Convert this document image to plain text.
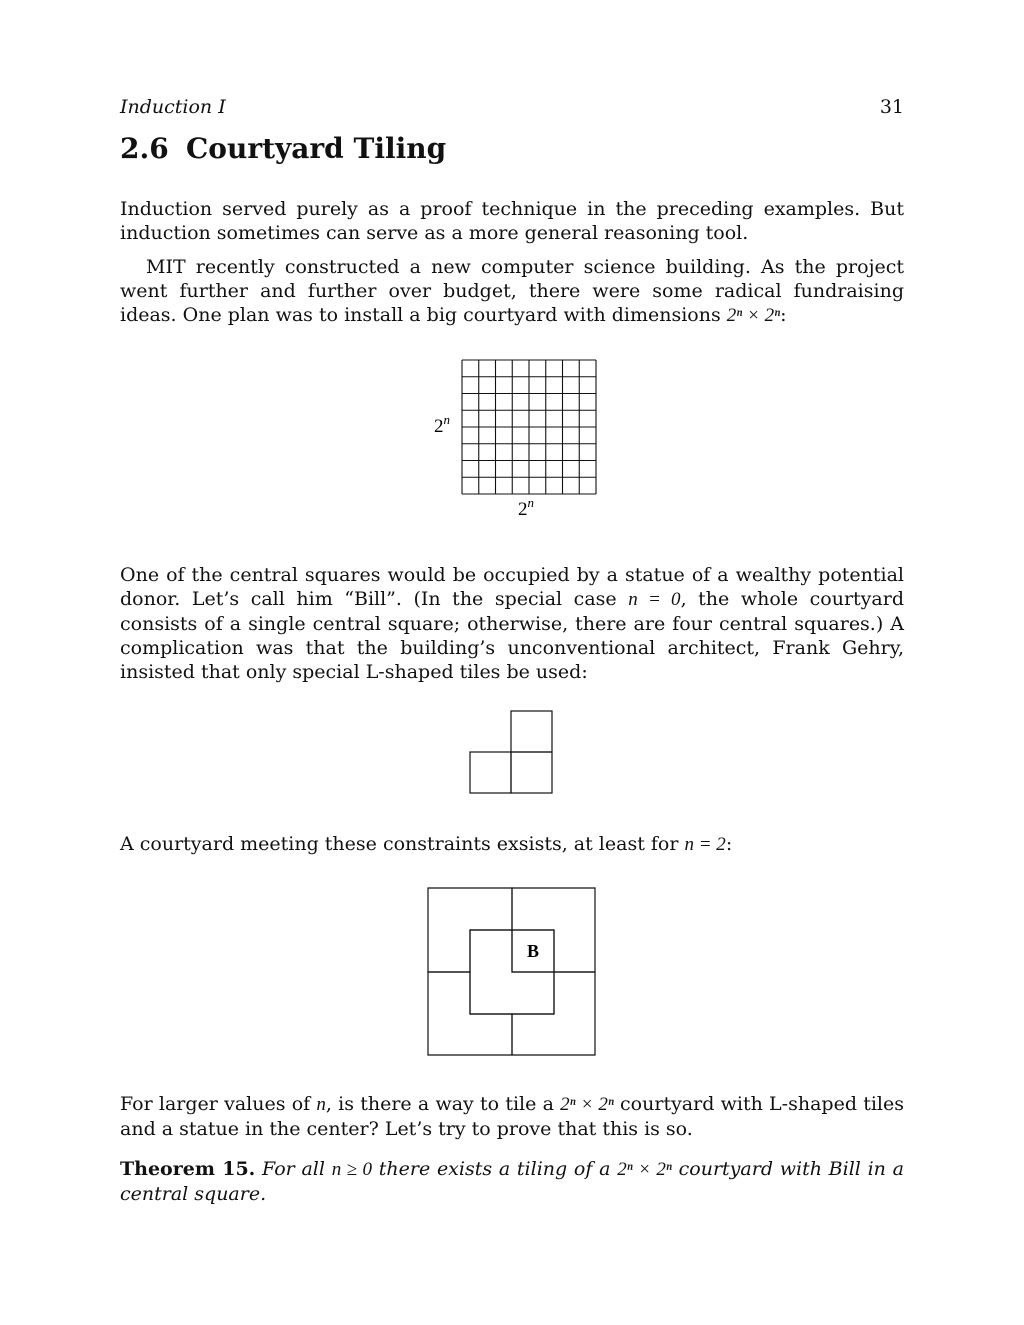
Induction I	31
2.6 Courtyard Tiling

Induction served purely as a proof technique in the preceding examples. But induction sometimes can serve as a more general reasoning tool.

MIT recently constructed a new computer science building. As the project went further and further over budget, there were some radical fundraising ideas. One plan was to install a big courtyard with dimensions 2ⁿ × 2ⁿ:

2$^n$
2$^n$

One of the central squares would be occupied by a statue of a wealthy potential donor. Let’s call him “Bill”. (In the special case n = 0, the whole courtyard consists of a single central square; otherwise, there are four central squares.) A complication was that the building’s unconventional architect, Frank Gehry, insisted that only special L-shaped tiles be used:

A courtyard meeting these constraints exsists, at least for n = 2:

B

For larger values of n, is there a way to tile a 2ⁿ × 2ⁿ courtyard with L-shaped tiles and a statue in the center? Let’s try to prove that this is so.

Theorem 15. For all n ≥ 0 there exists a tiling of a 2ⁿ × 2ⁿ courtyard with Bill in a central square.
